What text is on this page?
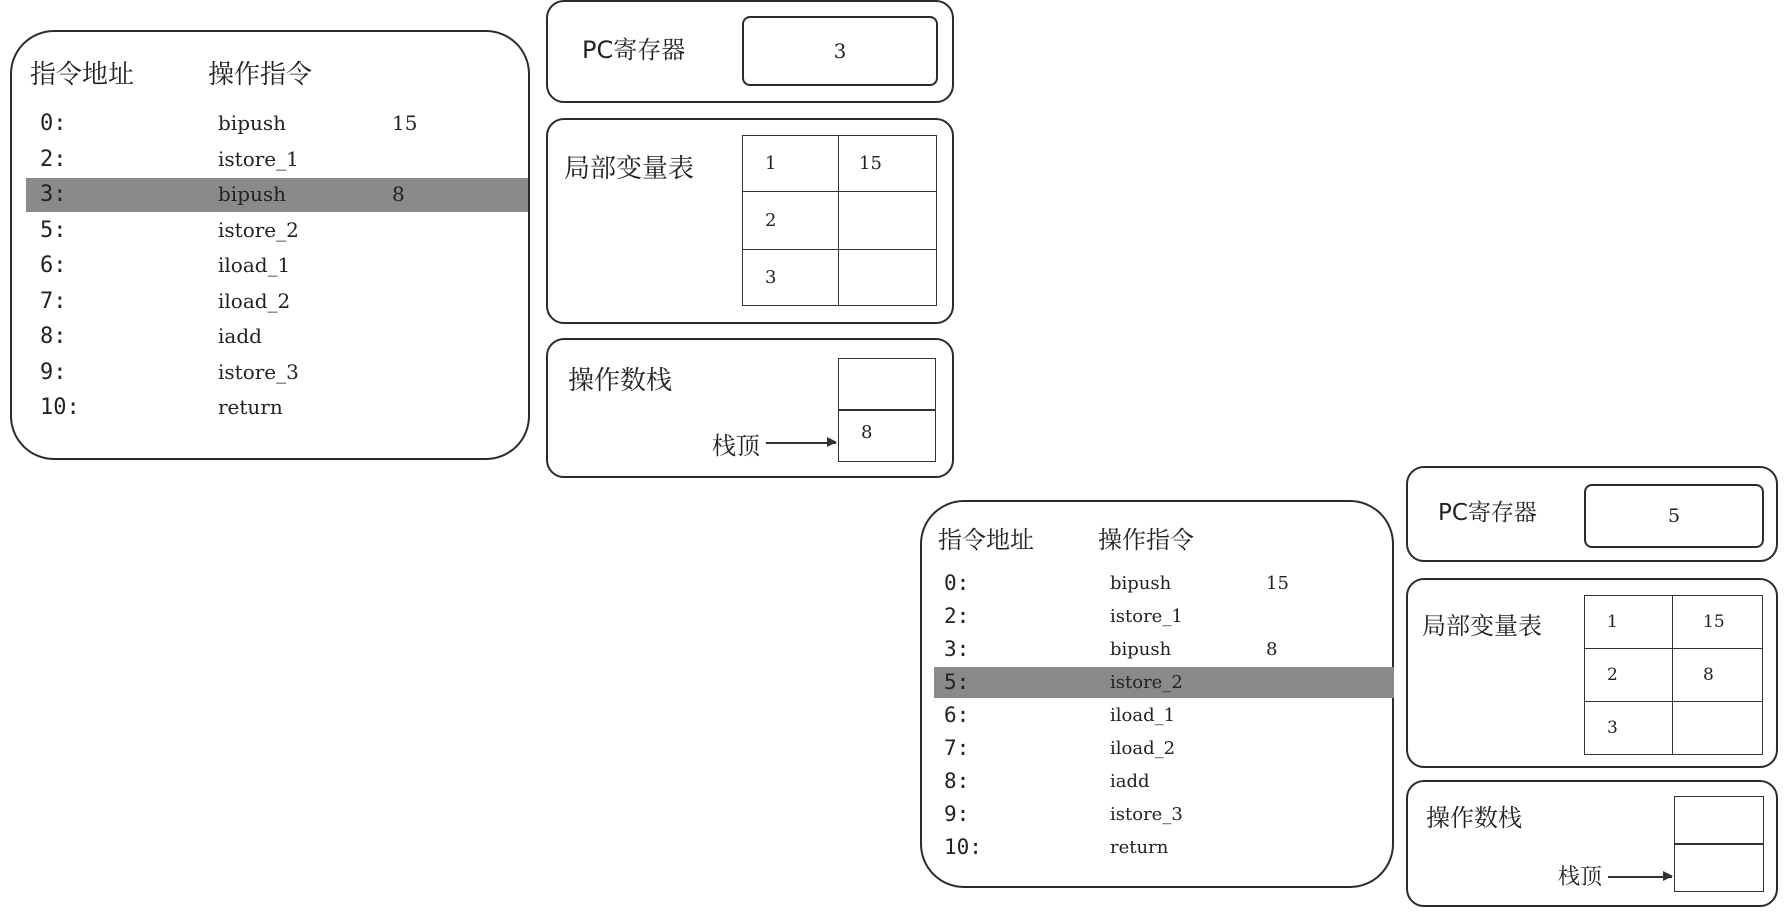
指令地址	操作指令
0:	bipush	15
2:	istore_1
3:	bipush	8
5:	istore_2
6:	iload_1
7:	iload_2
8:	iadd
9:	istore_3
10:	return
PC寄存器	3
局部变量表	1	15
2	
3	
操作数栈
8
栈顶
指令地址	操作指令
0:	bipush	15
2:	istore_1
3:	bipush	8
5:	istore_2
6:	iload_1
7:	iload_2
8:	iadd
9:	istore_3
10:	return
PC寄存器	5
局部变量表	1	15
2	8
3	
操作数栈
栈顶
